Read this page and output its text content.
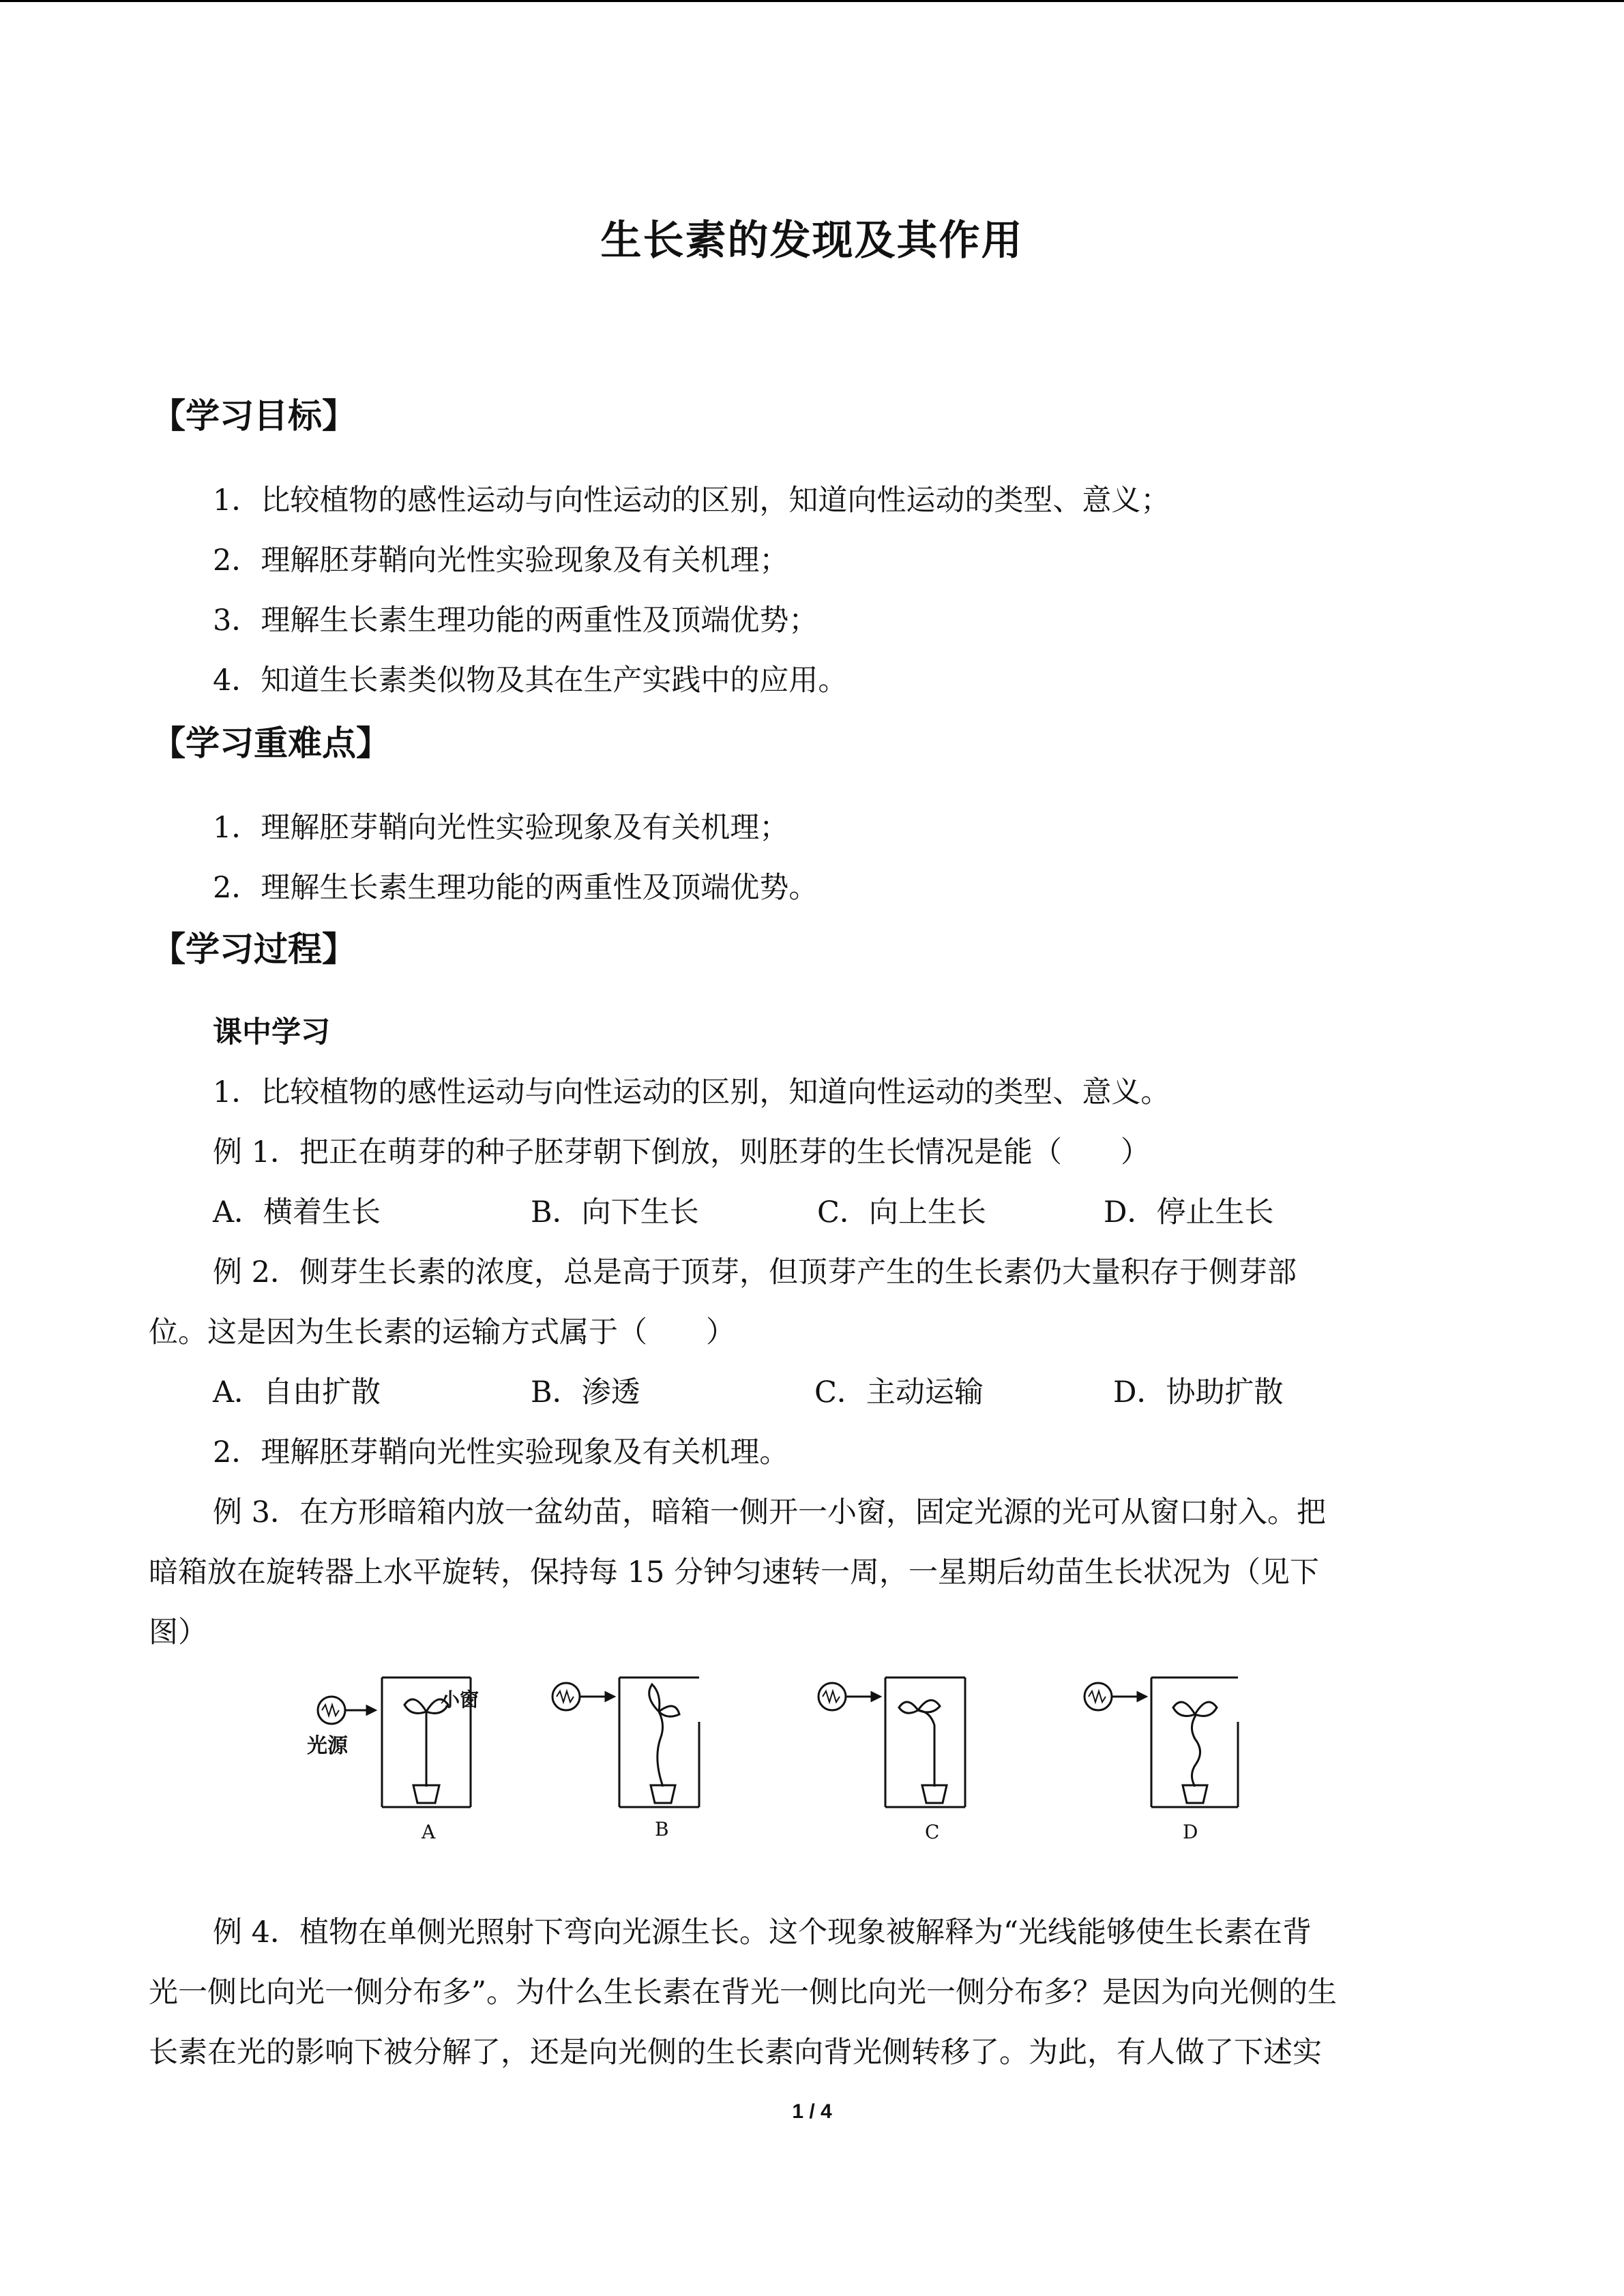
生长素的发现及其作用
【学习目标】
1．比较植物的感性运动与向性运动的区别，知道向性运动的类型、意义；
2．理解胚芽鞘向光性实验现象及有关机理；
3．理解生长素生理功能的两重性及顶端优势；
4．知道生长素类似物及其在生产实践中的应用。
【学习重难点】
1．理解胚芽鞘向光性实验现象及有关机理；
2．理解生长素生理功能的两重性及顶端优势。
【学习过程】
课中学习
1．比较植物的感性运动与向性运动的区别，知道向性运动的类型、意义。
例 1．把正在萌芽的种子胚芽朝下倒放，则胚芽的生长情况是能（　　）
A．横着生长	B．向下生长	C．向上生长	D．停止生长
例 2．侧芽生长素的浓度，总是高于顶芽，但顶芽产生的生长素仍大量积存于侧芽部
位。这是因为生长素的运输方式属于（　　）
A．自由扩散	B．渗透	C．主动运输	D．协助扩散
2．理解胚芽鞘向光性实验现象及有关机理。
例 3．在方形暗箱内放一盆幼苗，暗箱一侧开一小窗，固定光源的光可从窗口射入。把
暗箱放在旋转器上水平旋转，保持每 15 分钟匀速转一周，一星期后幼苗生长状况为（见下
图）
光源
小窗
A	B	C	D
例 4．植物在单侧光照射下弯向光源生长。这个现象被解释为“光线能够使生长素在背
光一侧比向光一侧分布多”。为什么生长素在背光一侧比向光一侧分布多？是因为向光侧的生
长素在光的影响下被分解了，还是向光侧的生长素向背光侧转移了。为此，有人做了下述实
1 / 4
